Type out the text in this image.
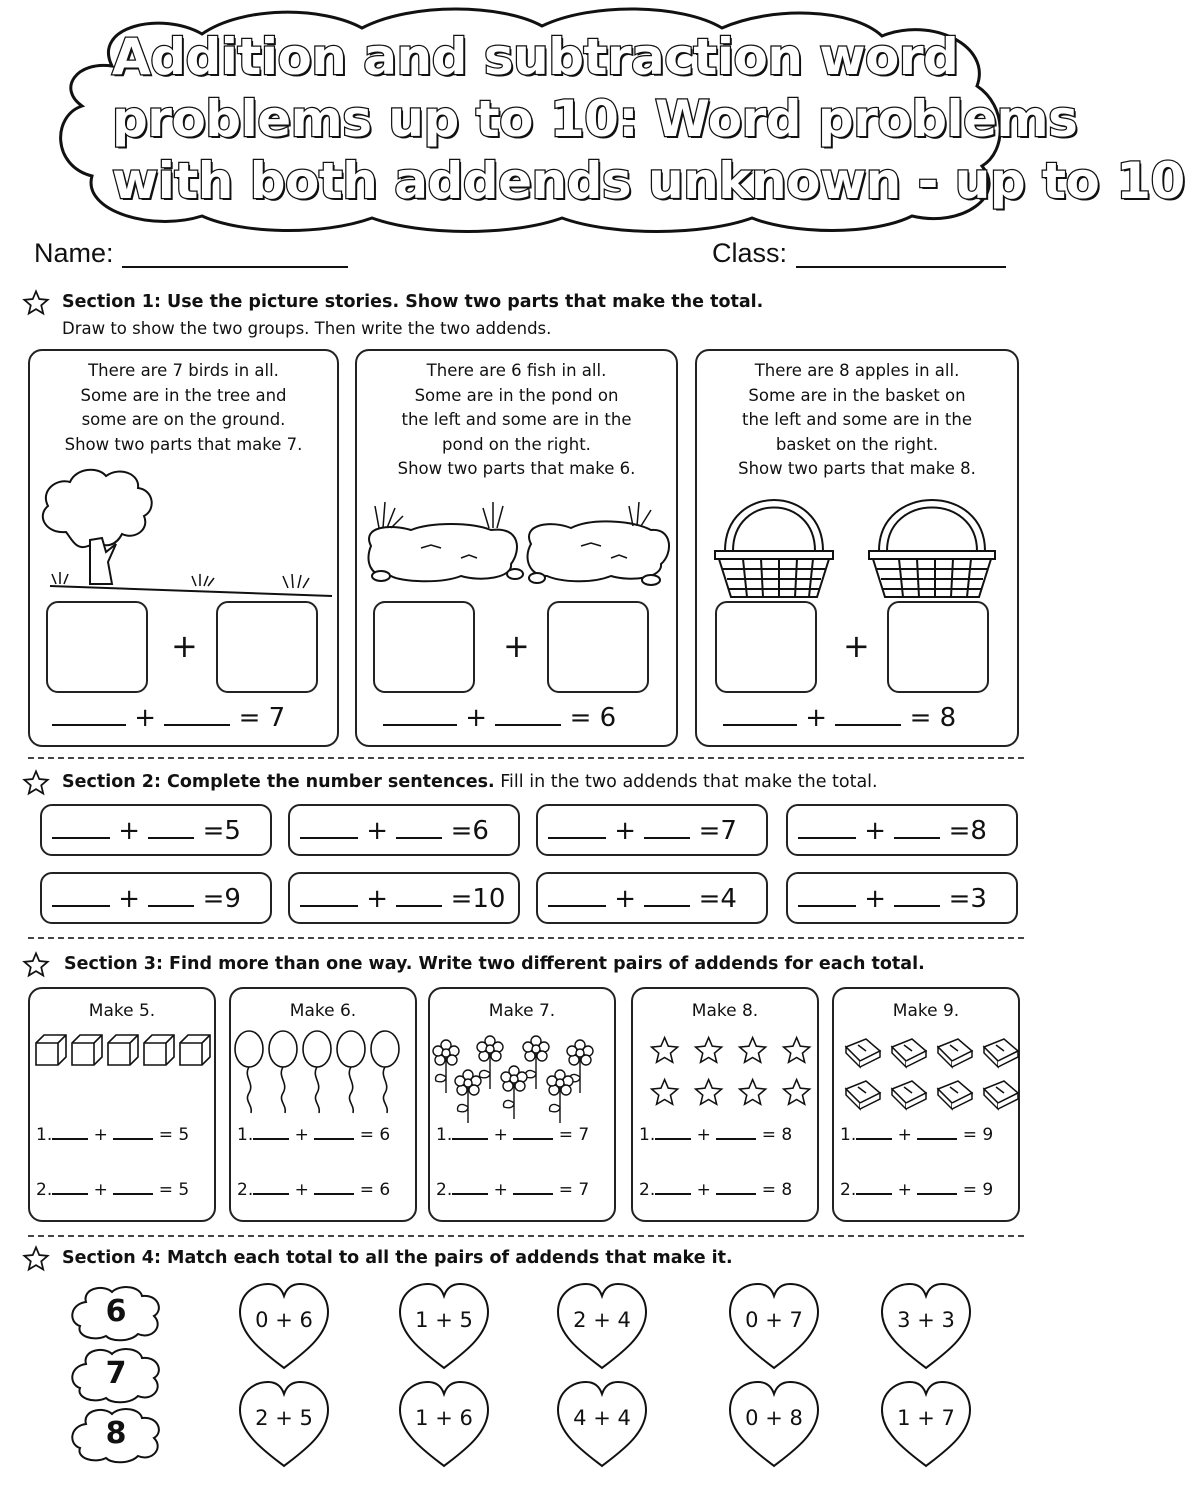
Addition and subtraction word
problems up to 10: Word problems
with both addends unknown - up to 10
Name:	Class:
Section 1: Use the picture stories. Show two parts that make the total.
Draw to show the two groups. Then write the two addends.
There are 7 birds in all.
Some are in the tree and
some are on the ground.
Show two parts that make 7.
+
+	= 7
There are 6 fish in all.
Some are in the pond on
the left and some are in the
pond on the right.
Show two parts that make 6.
+
+	= 6
There are 8 apples in all.
Some are in the basket on
the left and some are in the
basket on the right.
Show two parts that make 8.
+
+	= 8
Section 2: Complete the number sentences. Fill in the two addends that make the total.
Section 3: Find more than one way. Write two different pairs of addends for each total.
Section 4: Match each total to all the pairs of addends that make it.
+ =5	+ =6	+ =7	+ =8
+ =9	+ =10	+ =4	+ =3
Make 5.
1. +	= 5
2. +	= 5
Make 6.
1. +	= 6
2. +	= 6
Make 7.
1. +	= 7
2. +	= 7
Make 8.
1. +	= 8
2. +	= 8
Make 9.
1. +	= 9
2. +	= 9
6
7
8
0 + 6	1 + 5	2 + 4	0 + 7	3 + 3
2 + 5	1 + 6	4 + 4	0 + 8	1 + 7
